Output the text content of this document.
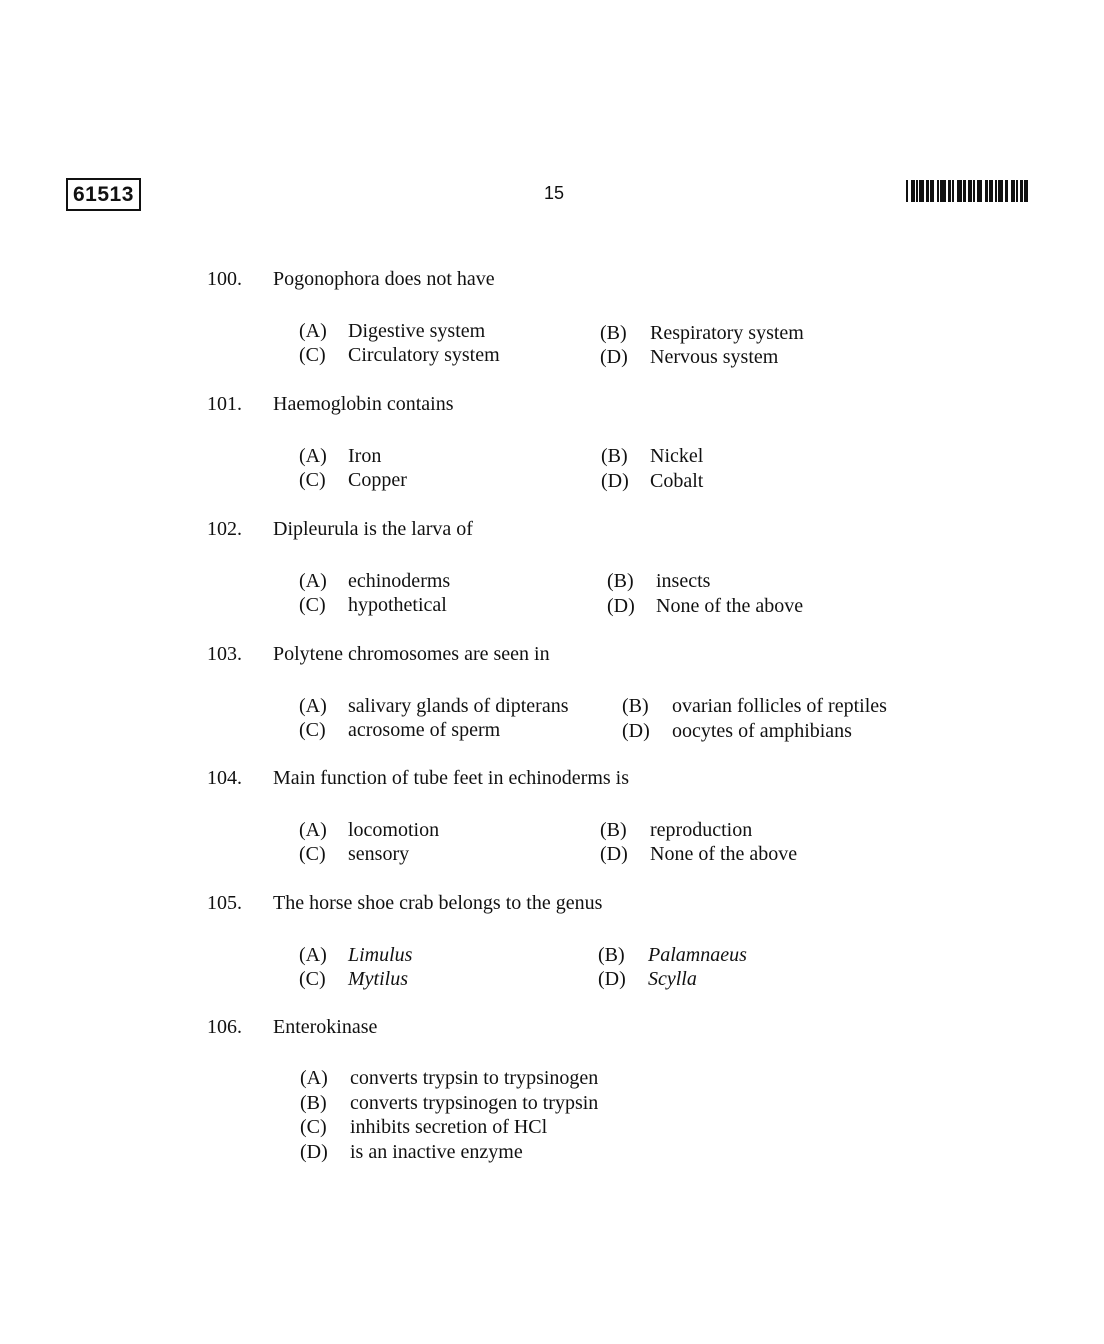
61513	15
100. Pogonophora does not have
(A) Digestive system	(B) Respiratory system
(C) Circulatory system	(D) Nervous system
101. Haemoglobin contains
(A) Iron	(B) Nickel
(C) Copper	(D) Cobalt
102. Dipleurula is the larva of
(A) echinoderms	(B) insects
(C) hypothetical	(D) None of the above
103. Polytene chromosomes are seen in
(A) salivary glands of dipterans	(B) ovarian follicles of reptiles
(C) acrosome of sperm	(D) oocytes of amphibians
104. Main function of tube feet in echinoderms is
(A) locomotion	(B) reproduction
(C) sensory	(D) None of the above
105. The horse shoe crab belongs to the genus
(A) Limulus	(B) Palamnaeus
(C) Mytilus	(D) Scylla
106. Enterokinase
(A) converts trypsin to trypsinogen
(B) converts trypsinogen to trypsin
(C) inhibits secretion of HCl
(D) is an inactive enzyme
